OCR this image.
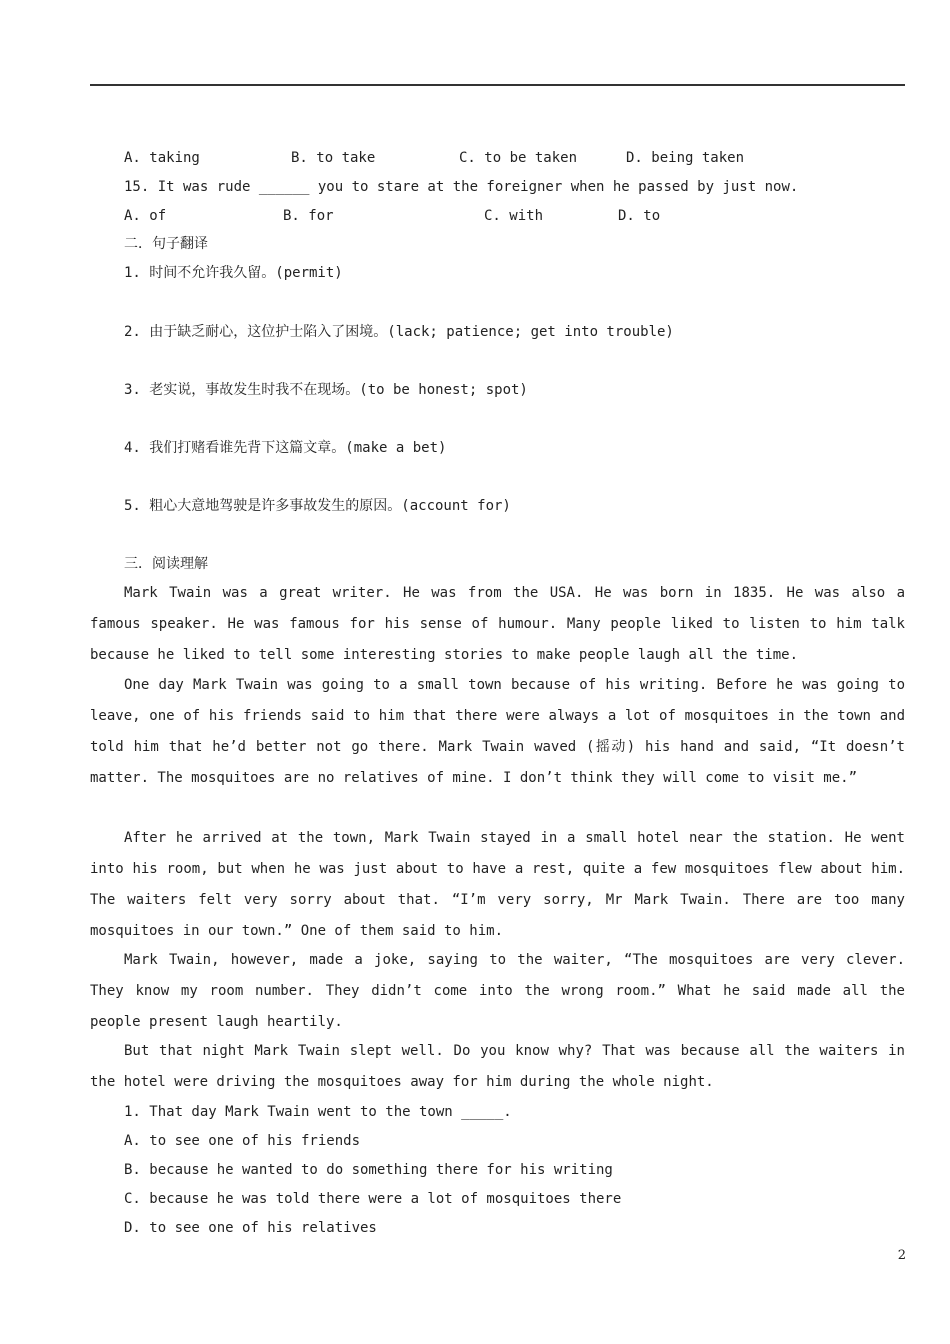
A. taking	B. to take	C. to be taken	D. being taken
15. It was rude ______ you to stare at the foreigner when he passed by just now.
A. of	B. for	C. with	D. to
二．句子翻译
1. 时间不允许我久留。(permit)
2. 由于缺乏耐心，这位护士陷入了困境。(lack; patience; get into trouble)
3. 老实说，事故发生时我不在现场。(to be honest; spot)
4. 我们打赌看谁先背下这篇文章。(make a bet)
5. 粗心大意地驾驶是许多事故发生的原因。(account for)
三．阅读理解
Mark Twain was a great writer. He was from the USA. He was born in 1835. He was also a famous speaker. He was famous for his sense of humour. Many people liked to listen to him talk because he liked to tell some interesting stories to make people laugh all the time.
One day Mark Twain was going to a small town because of his writing. Before he was going to leave, one of his friends said to him that there were always a lot of mosquitoes in the town and told him that he’d better not go there. Mark Twain waved (摇动) his hand and said, “It doesn’t matter. The mosquitoes are no relatives of mine. I don’t think they will come to visit me.”
After he arrived at the town, Mark Twain stayed in a small hotel near the station. He went into his room, but when he was just about to have a rest, quite a few mosquitoes flew about him. The waiters felt very sorry about that. “I’m very sorry, Mr Mark Twain. There are too many mosquitoes in our town.” One of them said to him.
Mark Twain, however, made a joke, saying to the waiter, “The mosquitoes are very clever. They know my room number. They didn’t come into the wrong room.” What he said made all the people present laugh heartily.
But that night Mark Twain slept well. Do you know why? That was because all the waiters in the hotel were driving the mosquitoes away for him during the whole night.
1. That day Mark Twain went to the town _____.
A. to see one of his friends
B. because he wanted to do something there for his writing
C. because he was told there were a lot of mosquitoes there
D. to see one of his relatives
2
